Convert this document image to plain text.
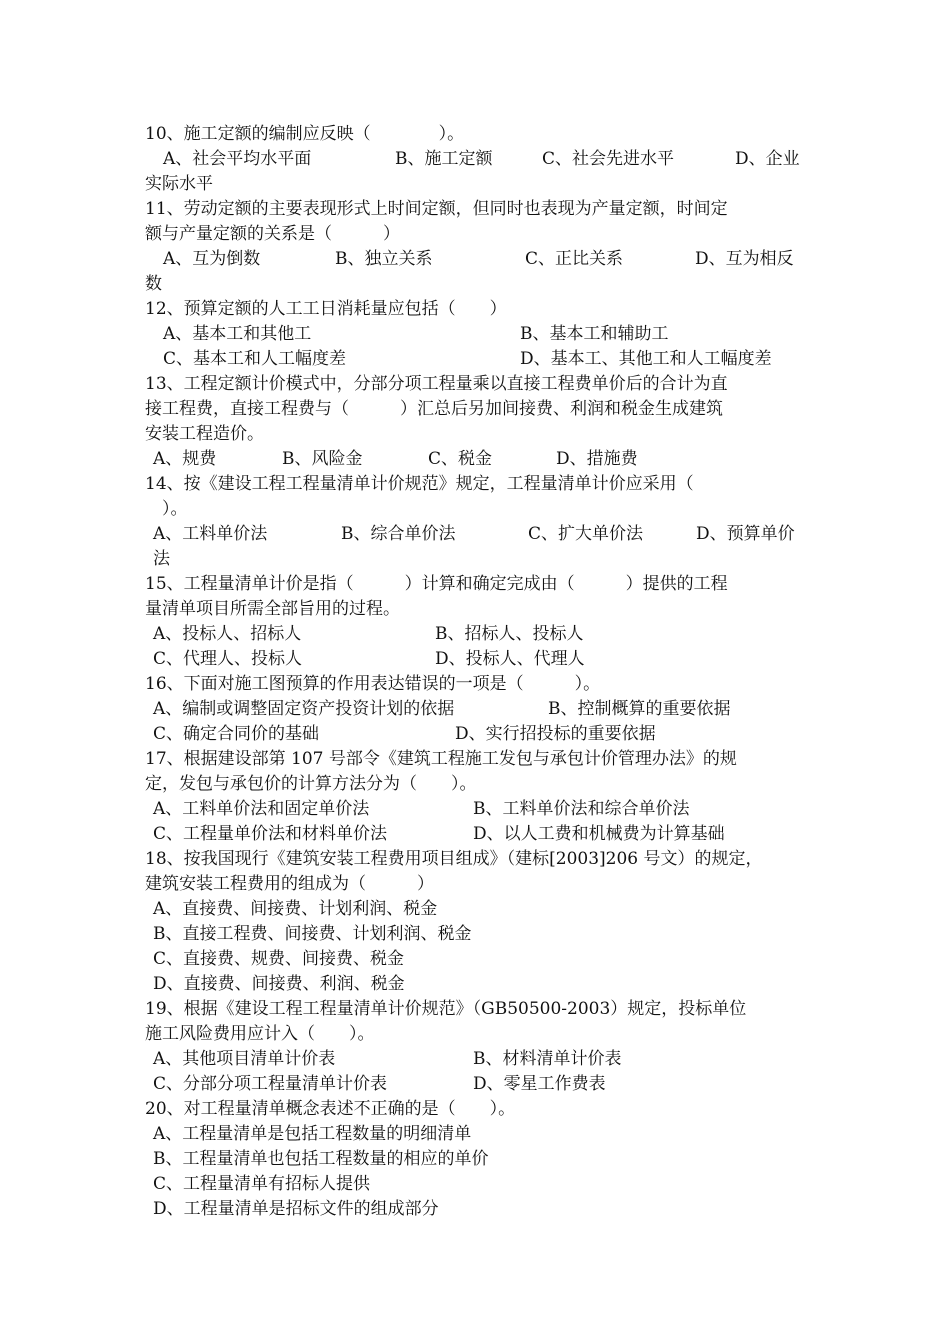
10、施工定额的编制应反映（　　　　）。
A、社会平均水平面	B、施工定额	C、社会先进水平	D、企业
实际水平
11、劳动定额的主要表现形式上时间定额，但同时也表现为产量定额，时间定
额与产量定额的关系是（　　　）
A、互为倒数	B、独立关系	C、正比关系	D、互为相反
数
12、预算定额的人工工日消耗量应包括（　　）
A、基本工和其他工	B、基本工和辅助工
C、基本工和人工幅度差	D、基本工、其他工和人工幅度差
13、工程定额计价模式中，分部分项工程量乘以直接工程费单价后的合计为直
接工程费，直接工程费与（　　　）汇总后另加间接费、利润和税金生成建筑
安装工程造价。
A、规费	B、风险金	C、税金	D、措施费
14、按《建设工程工程量清单计价规范》规定，工程量清单计价应采用（
　）。
A、工料单价法	B、综合单价法	C、扩大单价法	D、预算单价
法
15、工程量清单计价是指（　　　）计算和确定完成由（　　　）提供的工程
量清单项目所需全部旨用的过程。
A、投标人、招标人	B、招标人、投标人
C、代理人、投标人	D、投标人、代理人
16、下面对施工图预算的作用表达错误的一项是（　　　）。
A、编制或调整固定资产投资计划的依据	B、控制概算的重要依据
C、确定合同价的基础	D、实行招投标的重要依据
17、根据建设部第 107 号部令《建筑工程施工发包与承包计价管理办法》的规
定，发包与承包价的计算方法分为（　　）。
A、工料单价法和固定单价法	B、工料单价法和综合单价法
C、工程量单价法和材料单价法	D、以人工费和机械费为计算基础
18、按我国现行《建筑安装工程费用项目组成》（建标[2003]206 号文）的规定，
建筑安装工程费用的组成为（　　　）
A、直接费、间接费、计划利润、税金
B、直接工程费、间接费、计划利润、税金
C、直接费、规费、间接费、税金
D、直接费、间接费、利润、税金
19、根据《建设工程工程量清单计价规范》（GB50500-2003）规定，投标单位
施工风险费用应计入（　　）。
A、其他项目清单计价表	B、材料清单计价表
C、分部分项工程量清单计价表	D、零星工作费表
20、对工程量清单概念表述不正确的是（　　）。
A、工程量清单是包括工程数量的明细清单
B、工程量清单也包括工程数量的相应的单价
C、工程量清单有招标人提供
D、工程量清单是招标文件的组成部分
